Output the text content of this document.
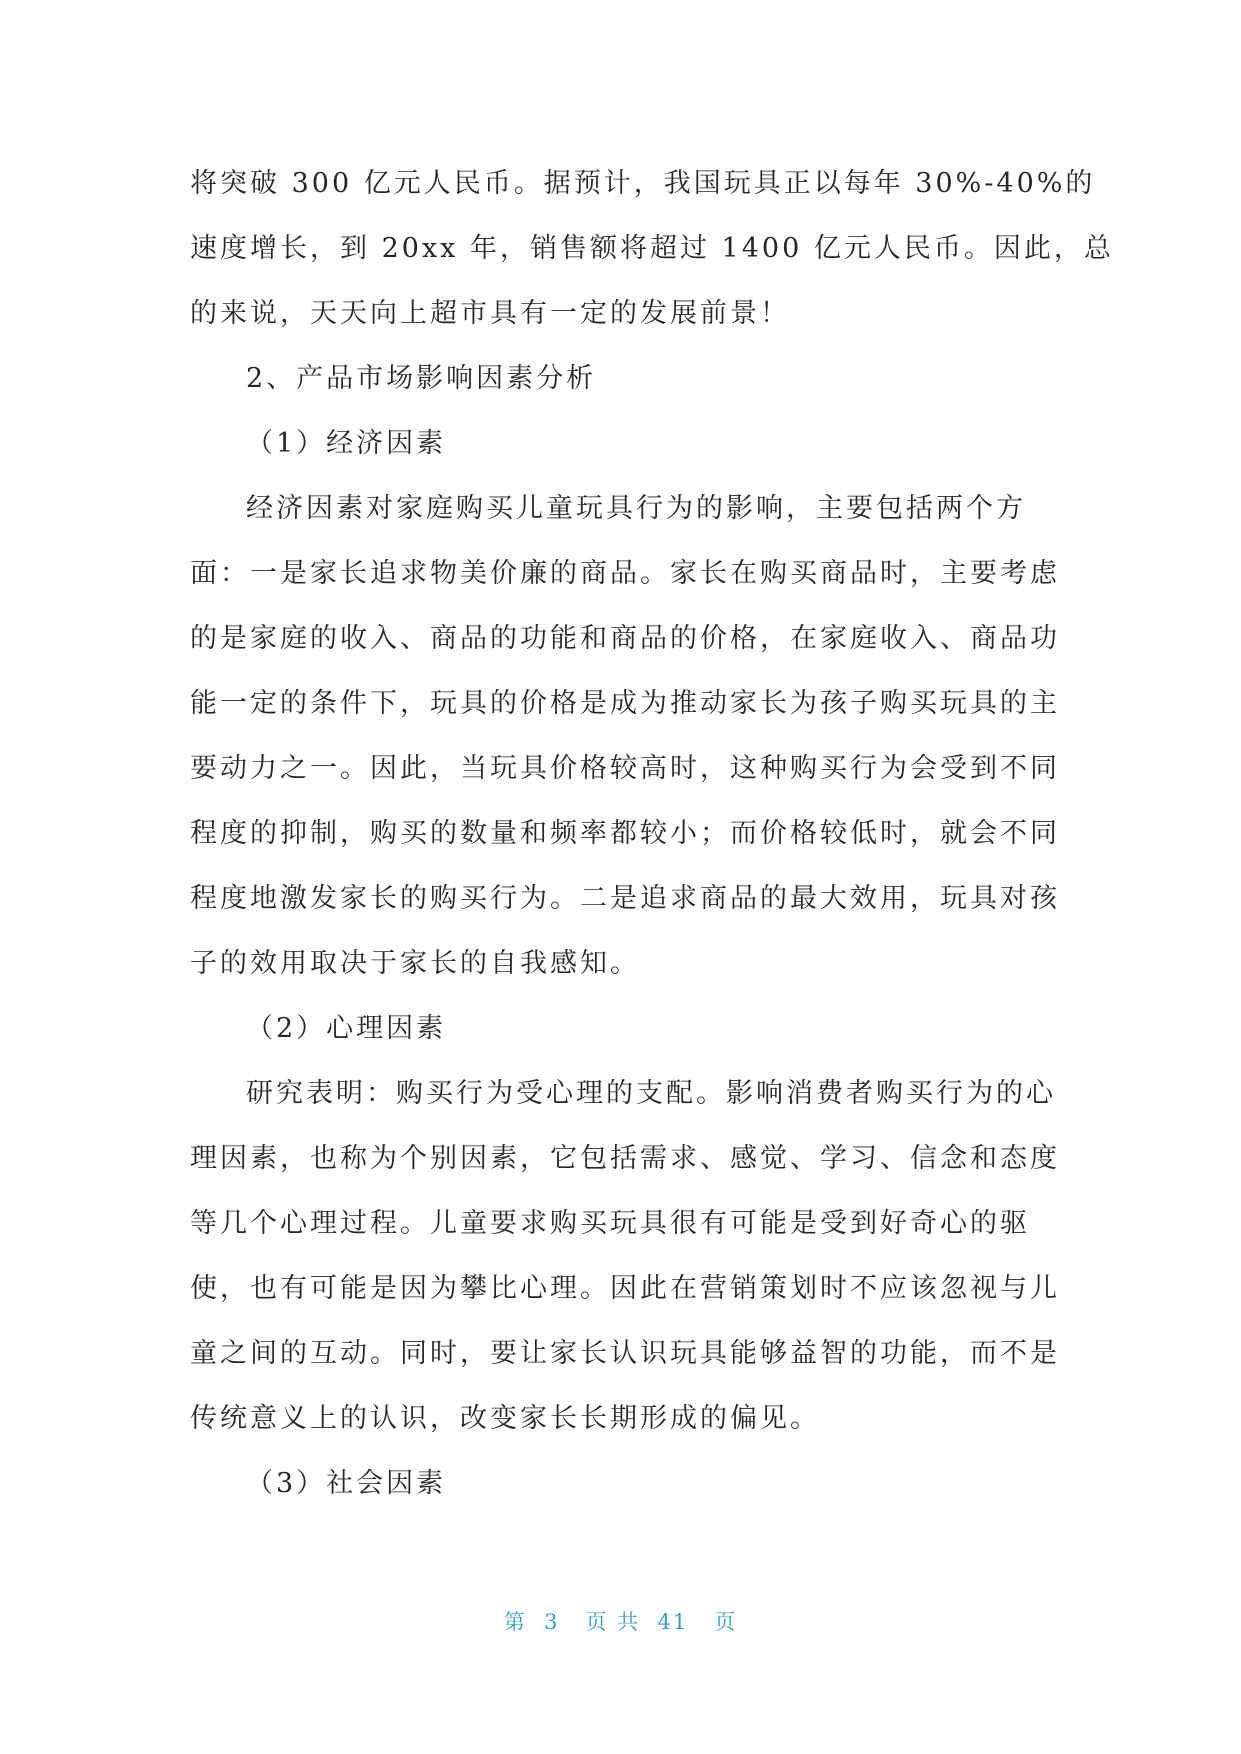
将突破 300 亿元人民币。据预计，我国玩具正以每年 30%-40%的
速度增长，到 20xx 年，销售额将超过 1400 亿元人民币。因此，总
的来说，天天向上超市具有一定的发展前景！
2、产品市场影响因素分析
（1）经济因素
经济因素对家庭购买儿童玩具行为的影响，主要包括两个方
面：一是家长追求物美价廉的商品。家长在购买商品时，主要考虑
的是家庭的收入、商品的功能和商品的价格，在家庭收入、商品功
能一定的条件下，玩具的价格是成为推动家长为孩子购买玩具的主
要动力之一。因此，当玩具价格较高时，这种购买行为会受到不同
程度的抑制，购买的数量和频率都较小；而价格较低时，就会不同
程度地激发家长的购买行为。二是追求商品的最大效用，玩具对孩
子的效用取决于家长的自我感知。
（2）心理因素
研究表明：购买行为受心理的支配。影响消费者购买行为的心
理因素，也称为个别因素，它包括需求、感觉、学习、信念和态度
等几个心理过程。儿童要求购买玩具很有可能是受到好奇心的驱
使，也有可能是因为攀比心理。因此在营销策划时不应该忽视与儿
童之间的互动。同时，要让家长认识玩具能够益智的功能，而不是
传统意义上的认识，改变家长长期形成的偏见。
（3）社会因素
第  3   页 共  41   页
